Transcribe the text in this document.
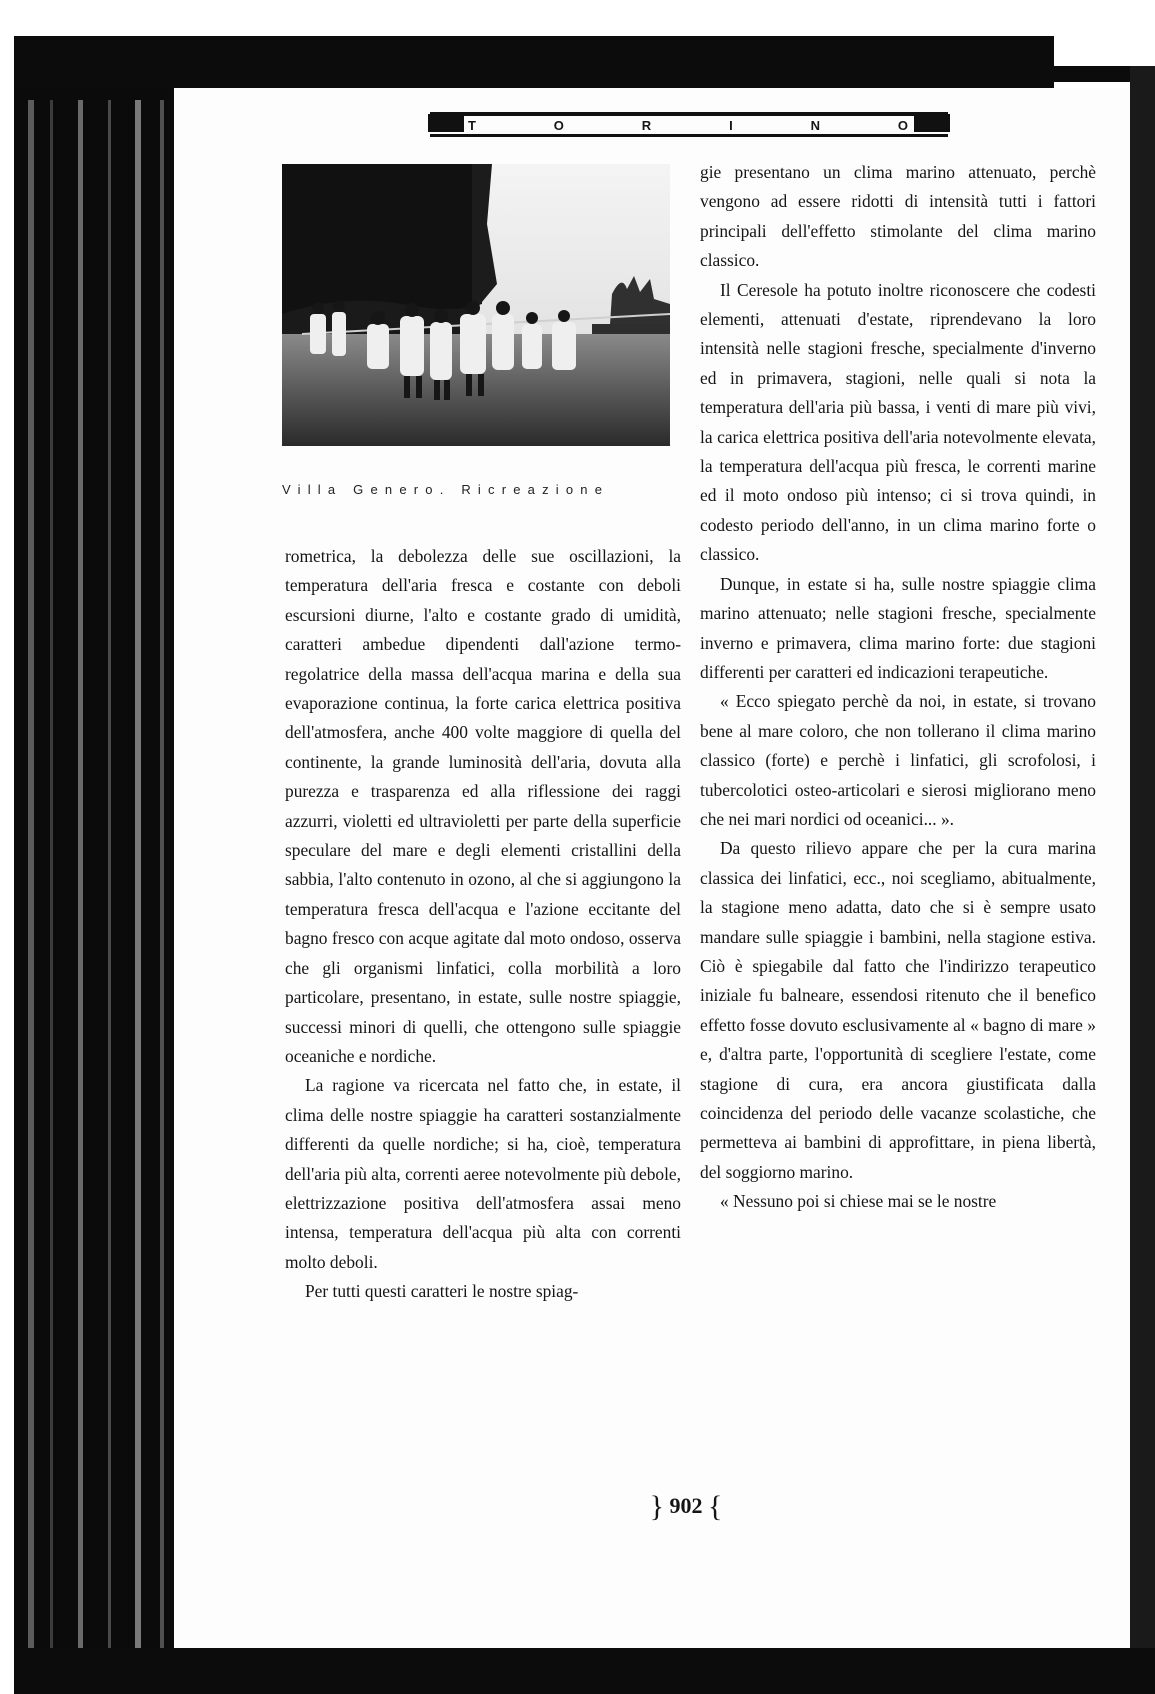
T	O	R	I	N	O
Villa Genero. Ricreazione

rometrica, la debolezza delle sue oscillazioni, la temperatura dell'aria fresca e costante con deboli escursioni diurne, l'alto e costante grado di umidità, caratteri ambedue dipendenti dall'azione termo-regolatrice della massa dell'acqua marina e della sua evaporazione continua, la forte carica elettrica positiva dell'atmosfera, anche 400 volte maggiore di quella del continente, la grande luminosità dell'aria, dovuta alla purezza e trasparenza ed alla riflessione dei raggi azzurri, violetti ed ultravioletti per parte della superficie speculare del mare e degli elementi cristallini della sabbia, l'alto contenuto in ozono, al che si aggiungono la temperatura fresca dell'acqua e l'azione eccitante del bagno fresco con acque agitate dal moto ondoso, osserva che gli organismi linfatici, colla morbilità a loro particolare, presentano, in estate, sulle nostre spiaggie, successi minori di quelli, che ottengono sulle spiaggie oceaniche e nordiche.

La ragione va ricercata nel fatto che, in estate, il clima delle nostre spiaggie ha caratteri sostanzialmente differenti da quelle nordiche; si ha, cioè, temperatura dell'aria più alta, correnti aeree notevolmente più debole, elettrizzazione positiva dell'atmosfera assai meno intensa, temperatura dell'acqua più alta con correnti molto deboli.

Per tutti questi caratteri le nostre spiag-

gie presentano un clima marino attenuato, perchè vengono ad essere ridotti di intensità tutti i fattori principali dell'effetto stimolante del clima marino classico.

Il Ceresole ha potuto inoltre riconoscere che codesti elementi, attenuati d'estate, riprendevano la loro intensità nelle stagioni fresche, specialmente d'inverno ed in primavera, stagioni, nelle quali si nota la temperatura dell'aria più bassa, i venti di mare più vivi, la carica elettrica positiva dell'aria notevolmente elevata, la temperatura dell'acqua più fresca, le correnti marine ed il moto ondoso più intenso; ci si trova quindi, in codesto periodo dell'anno, in un clima marino forte o classico.

Dunque, in estate si ha, sulle nostre spiaggie clima marino attenuato; nelle stagioni fresche, specialmente inverno e primavera, clima marino forte: due stagioni differenti per caratteri ed indicazioni terapeutiche.

« Ecco spiegato perchè da noi, in estate, si trovano bene al mare coloro, che non tollerano il clima marino classico (forte) e perchè i linfatici, gli scrofolosi, i tubercolotici osteo-articolari e sierosi migliorano meno che nei mari nordici od oceanici... ».

Da questo rilievo appare che per la cura marina classica dei linfatici, ecc., noi scegliamo, abitualmente, la stagione meno adatta, dato che si è sempre usato mandare sulle spiaggie i bambini, nella stagione estiva. Ciò è spiegabile dal fatto che l'indirizzo terapeutico iniziale fu balneare, essendosi ritenuto che il benefico effetto fosse dovuto esclusivamente al « bagno di mare » e, d'altra parte, l'opportunità di scegliere l'estate, come stagione di cura, era ancora giustificata dalla coincidenza del periodo delle vacanze scolastiche, che permetteva ai bambini di approfittare, in piena libertà, del soggiorno marino.

« Nessuno poi si chiese mai se le nostre

} 902 {
